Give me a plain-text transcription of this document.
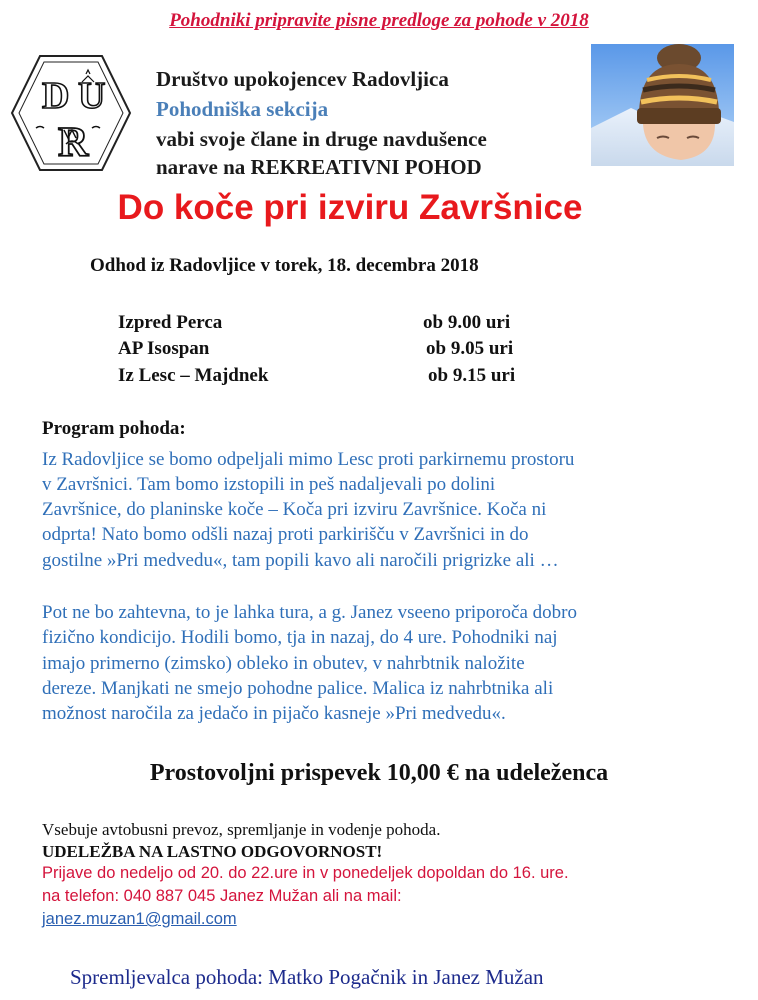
Pohodniki pripravite pisne predloge za pohode v 2018
D U
R
Društvo upokojencev Radovljica
Pohodniška sekcija
vabi svoje člane in druge navdušence
narave na REKREATIVNI POHOD
Do koče pri izviru Završnice
Odhod iz Radovljice v torek, 18. decembra 2018
Izpred Perca	ob 9.00 uri
AP Isospan	ob 9.05 uri
Iz Lesc – Majdnek	ob 9.15 uri
Program pohoda:
Iz Radovljice se bomo odpeljali mimo Lesc proti parkirnemu prostoru
v Završnici. Tam bomo izstopili in peš nadaljevali po dolini
Završnice, do planinske koče – Koča pri izviru Završnice. Koča ni
odprta! Nato bomo odšli nazaj proti parkirišču v Završnici in do
gostilne »Pri medvedu«, tam popili kavo ali naročili prigrizke ali …
Pot ne bo zahtevna, to je lahka tura, a g. Janez vseeno priporoča dobro
fizično kondicijo. Hodili bomo, tja in nazaj, do 4 ure. Pohodniki naj
imajo primerno (zimsko) obleko in obutev, v nahrbtnik naložite
dereze. Manjkati ne smejo pohodne palice. Malica iz nahrbtnika ali
možnost naročila za jedačo in pijačo kasneje »Pri medvedu«.
Prostovoljni prispevek 10,00 € na udeleženca
Vsebuje avtobusni prevoz, spremljanje in vodenje pohoda.
UDELEŽBA NA LASTNO ODGOVORNOST!
Prijave do nedeljo od 20. do 22.ure in v ponedeljek dopoldan do 16. ure.
na telefon: 040 887 045 Janez Mužan ali na mail:
janez.muzan1@gmail.com
Spremljevalca pohoda: Matko Pogačnik in Janez Mužan
